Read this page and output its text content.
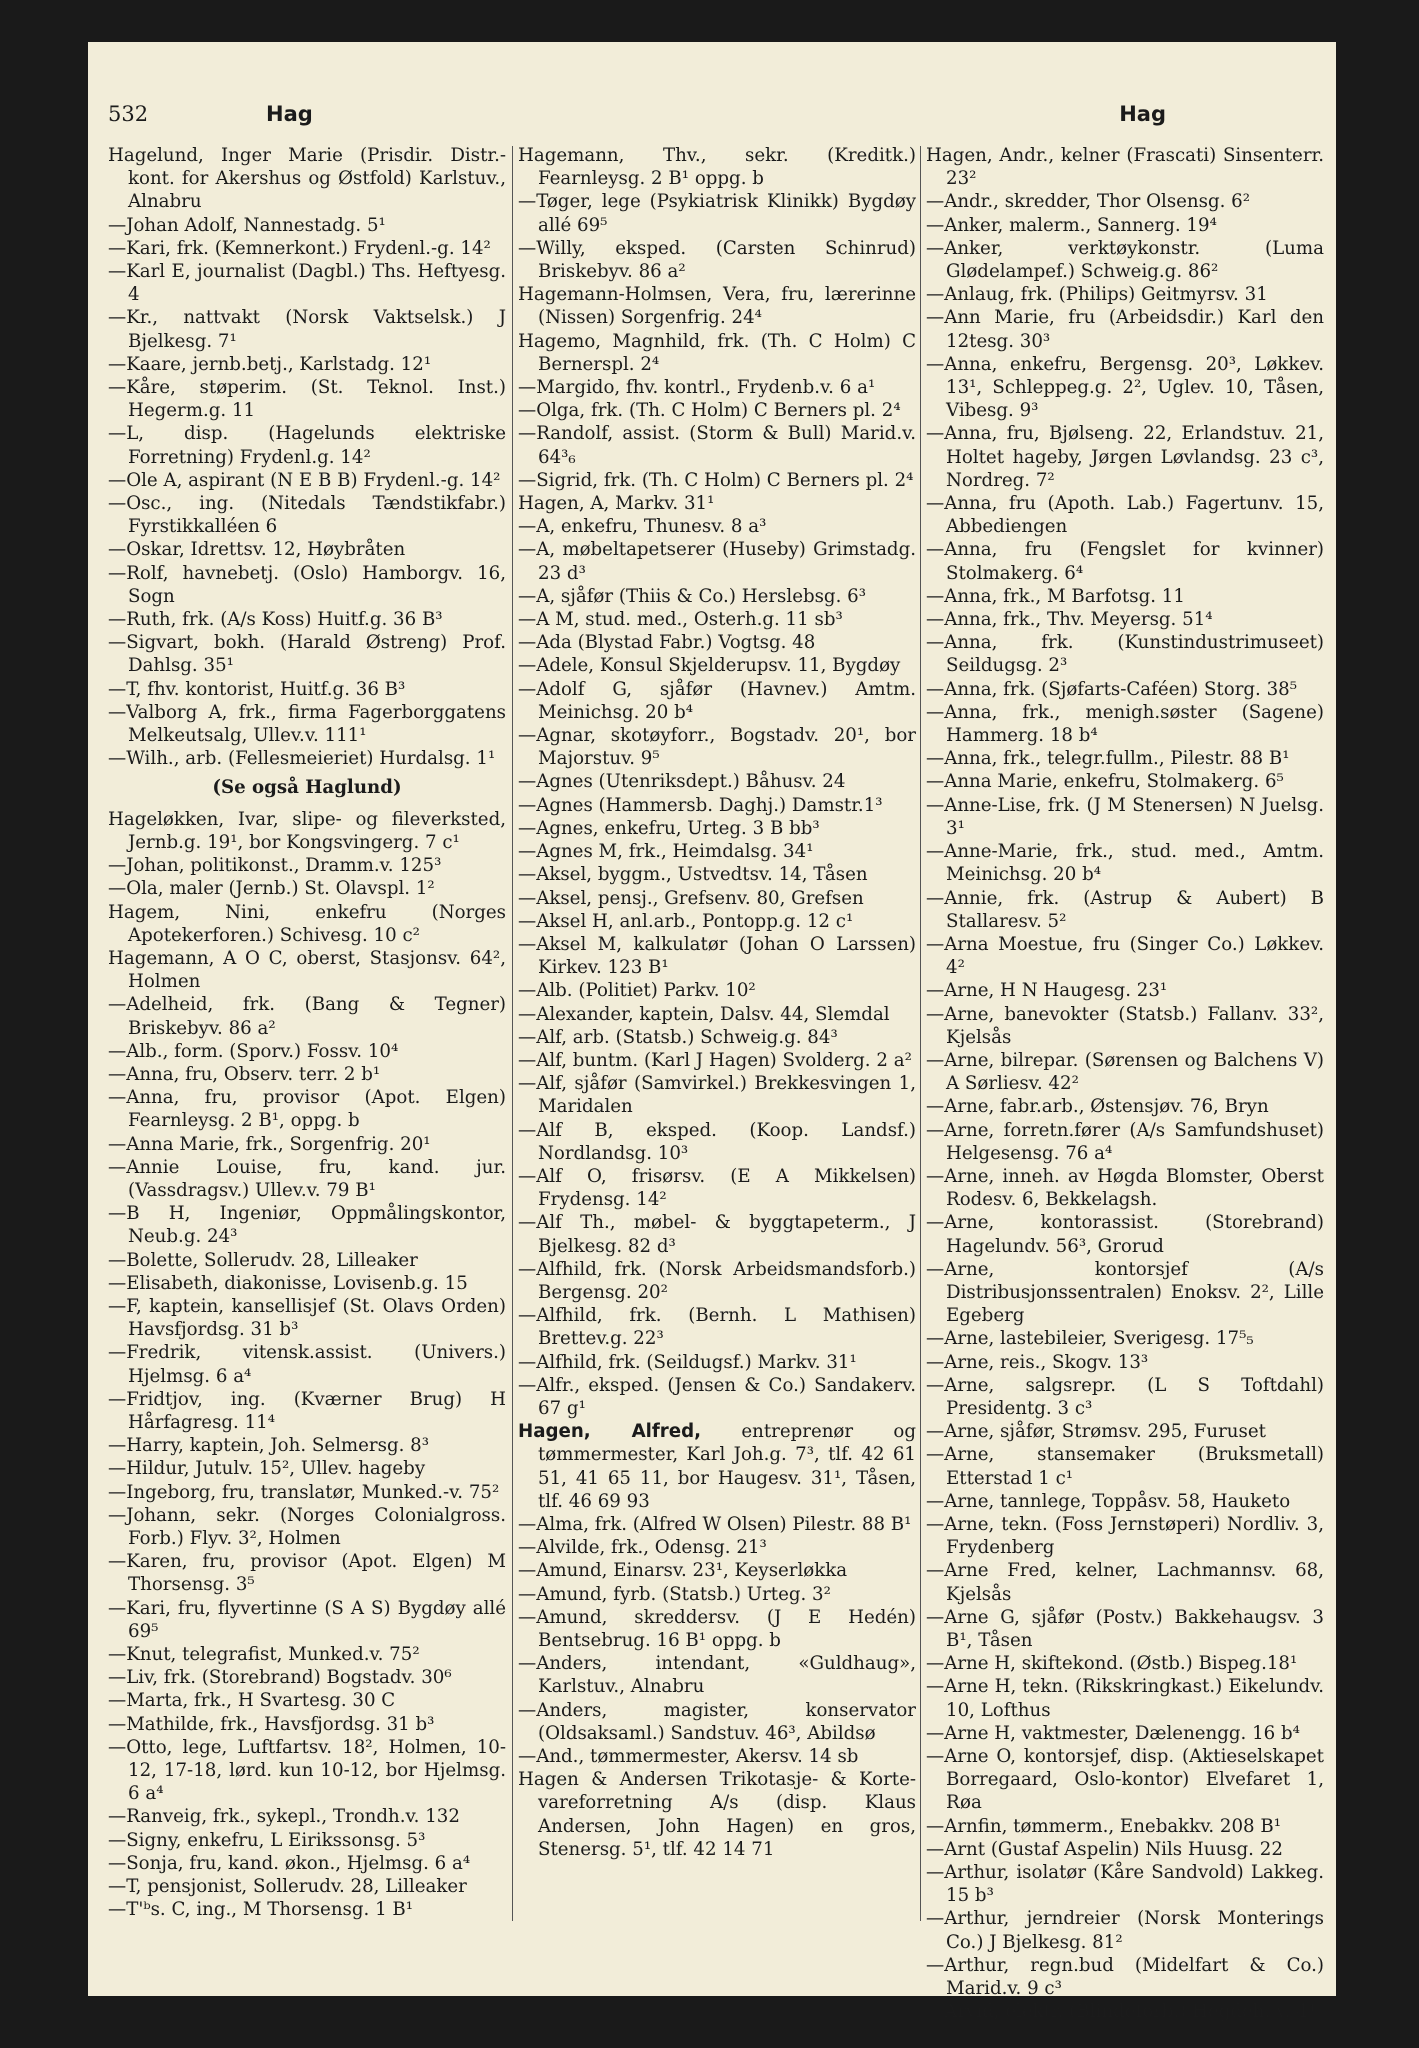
532	Hag	Hag

Hagelund, Inger Marie (Prisdir. Distr.-kont. for Akershus og Østfold) Karlstuv., Alnabru

—Johan Adolf, Nannestadg. 5¹

—Kari, frk. (Kemnerkont.) Frydenl.-g. 14²

—Karl E, journalist (Dagbl.) Ths. Heftyesg. 4

—Kr., nattvakt (Norsk Vaktselsk.) J Bjelkesg. 7¹

—Kaare, jernb.betj., Karlstadg. 12¹

—Kåre, støperim. (St. Teknol. Inst.) Hegerm.g. 11

—L, disp. (Hagelunds elektriske Forretning) Frydenl.g. 14²

—Ole A, aspirant (N E B B) Frydenl.-g. 14²

—Osc., ing. (Nitedals Tændstikfabr.) Fyrstikkalléen 6

—Oskar, Idrettsv. 12, Høybråten

—Rolf, havnebetj. (Oslo) Hamborgv. 16, Sogn

—Ruth, frk. (A/s Koss) Huitf.g. 36 B³

—Sigvart, bokh. (Harald Østreng) Prof. Dahlsg. 35¹

—T, fhv. kontorist, Huitf.g. 36 B³

—Valborg A, frk., firma Fagerborggatens Melkeutsalg, Ullev.v. 111¹

—Wilh., arb. (Fellesmeieriet) Hurdalsg. 1¹

(Se også Haglund)

Hageløkken, Ivar, slipe- og fileverksted, Jernb.g. 19¹, bor Kongsvingerg. 7 c¹

—Johan, politikonst., Dramm.v. 125³

—Ola, maler (Jernb.) St. Olavspl. 1²

Hagem, Nini, enkefru (Norges Apotekerforen.) Schivesg. 10 c²

Hagemann, A O C, oberst, Stasjonsv. 64², Holmen

—Adelheid, frk. (Bang & Tegner) Briskebyv. 86 a²

—Alb., form. (Sporv.) Fossv. 10⁴

—Anna, fru, Observ. terr. 2 b¹

—Anna, fru, provisor (Apot. Elgen) Fearnleysg. 2 B¹, oppg. b

—Anna Marie, frk., Sorgenfrig. 20¹

—Annie Louise, fru, kand. jur. (Vassdragsv.) Ullev.v. 79 B¹

—B H, Ingeniør, Oppmålingskontor, Neub.g. 24³

—Bolette, Sollerudv. 28, Lilleaker

—Elisabeth, diakonisse, Lovisenb.g. 15

—F, kaptein, kansellisjef (St. Olavs Orden) Havsfjordsg. 31 b³

—Fredrik, vitensk.assist. (Univers.) Hjelmsg. 6 a⁴

—Fridtjov, ing. (Kværner Brug) H Hårfagresg. 11⁴

—Harry, kaptein, Joh. Selmersg. 8³

—Hildur, Jutulv. 15², Ullev. hageby

—Ingeborg, fru, translatør, Munked.-v. 75²

—Johann, sekr. (Norges Colonialgross. Forb.) Flyv. 3², Holmen

—Karen, fru, provisor (Apot. Elgen) M Thorsensg. 3⁵

—Kari, fru, flyvertinne (S A S) Bygdøy allé 69⁵

—Knut, telegrafist, Munked.v. 75²

—Liv, frk. (Storebrand) Bogstadv. 30⁶

—Marta, frk., H Svartesg. 30 C

—Mathilde, frk., Havsfjordsg. 31 b³

—Otto, lege, Luftfartsv. 18², Holmen, 10-12, 17-18, lørd. kun 10-12, bor Hjelmsg. 6 a⁴

—Ranveig, frk., sykepl., Trondh.v. 132

—Signy, enkefru, L Eirikssonsg. 5³

—Sonja, fru, kand. økon., Hjelmsg. 6 a⁴

—T, pensjonist, Sollerudv. 28, Lilleaker

—T'ᵇs. C, ing., M Thorsensg. 1 B¹

Hagemann, Thv., sekr. (Kreditk.) Fearnleysg. 2 B¹ oppg. b

—Tøger, lege (Psykiatrisk Klinikk) Bygdøy allé 69⁵

—Willy, eksped. (Carsten Schinrud) Briskebyv. 86 a²

Hagemann-Holmsen, Vera, fru, lærerinne (Nissen) Sorgenfrig. 24⁴

Hagemo, Magnhild, frk. (Th. C Holm) C Bernerspl. 2⁴

—Margido, fhv. kontrl., Frydenb.v. 6 a¹

—Olga, frk. (Th. C Holm) C Berners pl. 2⁴

—Randolf, assist. (Storm & Bull) Marid.v. 64³₆

—Sigrid, frk. (Th. C Holm) C Berners pl. 2⁴

Hagen, A, Markv. 31¹

—A, enkefru, Thunesv. 8 a³

—A, møbeltapetserer (Huseby) Grimstadg. 23 d³

—A, sjåfør (Thiis & Co.) Herslebsg. 6³

—A M, stud. med., Osterh.g. 11 sb³

—Ada (Blystad Fabr.) Vogtsg. 48

—Adele, Konsul Skjelderupsv. 11, Bygdøy

—Adolf G, sjåfør (Havnev.) Amtm. Meinichsg. 20 b⁴

—Agnar, skotøyforr., Bogstadv. 20¹, bor Majorstuv. 9⁵

—Agnes (Utenriksdept.) Båhusv. 24

—Agnes (Hammersb. Daghj.) Damstr.1³

—Agnes, enkefru, Urteg. 3 B bb³

—Agnes M, frk., Heimdalsg. 34¹

—Aksel, byggm., Ustvedtsv. 14, Tåsen

—Aksel, pensj., Grefsenv. 80, Grefsen

—Aksel H, anl.arb., Pontopp.g. 12 c¹

—Aksel M, kalkulatør (Johan O Larssen) Kirkev. 123 B¹

—Alb. (Politiet) Parkv. 10²

—Alexander, kaptein, Dalsv. 44, Slemdal

—Alf, arb. (Statsb.) Schweig.g. 84³

—Alf, buntm. (Karl J Hagen) Svolderg. 2 a²

—Alf, sjåfør (Samvirkel.) Brekkesvingen 1, Maridalen

—Alf B, eksped. (Koop. Landsf.) Nordlandsg. 10³

—Alf O, frisørsv. (E A Mikkelsen) Frydensg. 14²

—Alf Th., møbel- & byggtapeterm., J Bjelkesg. 82 d³

—Alfhild, frk. (Norsk Arbeidsmandsforb.) Bergensg. 20²

—Alfhild, frk. (Bernh. L Mathisen) Brettev.g. 22³

—Alfhild, frk. (Seildugsf.) Markv. 31¹

—Alfr., eksped. (Jensen & Co.) Sandakerv. 67 g¹

Hagen, Alfred, entreprenør og tømmermester, Karl Joh.g. 7³, tlf. 42 61 51, 41 65 11, bor Haugesv. 31¹, Tåsen, tlf. 46 69 93

—Alma, frk. (Alfred W Olsen) Pilestr. 88 B¹

—Alvilde, frk., Odensg. 21³

—Amund, Einarsv. 23¹, Keyserløkka

—Amund, fyrb. (Statsb.) Urteg. 3²

—Amund, skreddersv. (J E Hedén) Bentsebrug. 16 B¹ oppg. b

—Anders, intendant, «Guldhaug», Karlstuv., Alnabru

—Anders, magister, konservator (Oldsaksaml.) Sandstuv. 46³, Abildsø

—And., tømmermester, Akersv. 14 sb

Hagen & Andersen Trikotasje- & Korte-vareforretning A/s (disp. Klaus Andersen, John Hagen) en gros, Stenersg. 5¹, tlf. 42 14 71

Hagen, Andr., kelner (Frascati) Sinsenterr. 23²

—Andr., skredder, Thor Olsensg. 6²

—Anker, malerm., Sannerg. 19⁴

—Anker, verktøykonstr. (Luma Glødelampef.) Schweig.g. 86²

—Anlaug, frk. (Philips) Geitmyrsv. 31

—Ann Marie, fru (Arbeidsdir.) Karl den 12tesg. 30³

—Anna, enkefru, Bergensg. 20³, Løkkev. 13¹, Schleppeg.g. 2², Uglev. 10, Tåsen, Vibesg. 9³

—Anna, fru, Bjølseng. 22, Erlandstuv. 21, Holtet hageby, Jørgen Løvlandsg. 23 c³, Nordreg. 7²

—Anna, fru (Apoth. Lab.) Fagertunv. 15, Abbediengen

—Anna, fru (Fengslet for kvinner) Stolmakerg. 6⁴

—Anna, frk., M Barfotsg. 11

—Anna, frk., Thv. Meyersg. 51⁴

—Anna, frk. (Kunstindustrimuseet) Seildugsg. 2³

—Anna, frk. (Sjøfarts-Caféen) Storg. 38⁵

—Anna, frk., menigh.søster (Sagene) Hammerg. 18 b⁴

—Anna, frk., telegr.fullm., Pilestr. 88 B¹

—Anna Marie, enkefru, Stolmakerg. 6⁵

—Anne-Lise, frk. (J M Stenersen) N Juelsg. 3¹

—Anne-Marie, frk., stud. med., Amtm. Meinichsg. 20 b⁴

—Annie, frk. (Astrup & Aubert) B Stallaresv. 5²

—Arna Moestue, fru (Singer Co.) Løkkev. 4²

—Arne, H N Haugesg. 23¹

—Arne, banevokter (Statsb.) Fallanv. 33², Kjelsås

—Arne, bilrepar. (Sørensen og Balchens V) A Sørliesv. 42²

—Arne, fabr.arb., Østensjøv. 76, Bryn

—Arne, forretn.fører (A/s Samfundshuset) Helgesensg. 76 a⁴

—Arne, inneh. av Høgda Blomster, Oberst Rodesv. 6, Bekkelagsh.

—Arne, kontorassist. (Storebrand) Hagelundv. 56³, Grorud

—Arne, kontorsjef (A/s Distribusjonssentralen) Enoksv. 2², Lille Egeberg

—Arne, lastebileier, Sverigesg. 17⁵₅

—Arne, reis., Skogv. 13³

—Arne, salgsrepr. (L S Toftdahl) Presidentg. 3 c³

—Arne, sjåfør, Strømsv. 295, Furuset

—Arne, stansemaker (Bruksmetall) Etterstad 1 c¹

—Arne, tannlege, Toppåsv. 58, Hauketo

—Arne, tekn. (Foss Jernstøperi) Nordliv. 3, Frydenberg

—Arne Fred, kelner, Lachmannsv. 68, Kjelsås

—Arne G, sjåfør (Postv.) Bakkehaugsv. 3 B¹, Tåsen

—Arne H, skiftekond. (Østb.) Bispeg.18¹

—Arne H, tekn. (Rikskringkast.) Eikelundv. 10, Lofthus

—Arne H, vaktmester, Dælenengg. 16 b⁴

—Arne O, kontorsjef, disp. (Aktieselskapet Borregaard, Oslo-kontor) Elvefaret 1, Røa

—Arnfin, tømmerm., Enebakkv. 208 B¹

—Arnt (Gustaf Aspelin) Nils Huusg. 22

—Arthur, isolatør (Kåre Sandvold) Lakkeg. 15 b³

—Arthur, jerndreier (Norsk Monterings Co.) J Bjelkesg. 81²

—Arthur, regn.bud (Midelfart & Co.) Marid.v. 9 c³

—Arvid, elektr. (Blindeforb.) Hegdeh.-v. 4⁴
